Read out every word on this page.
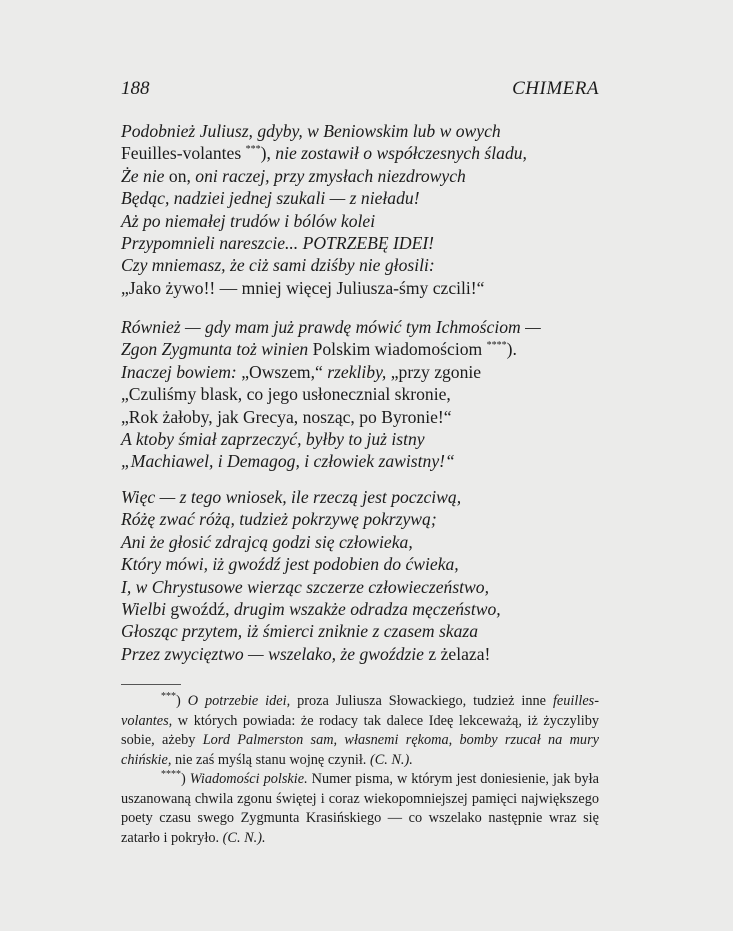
188	CHIMERA
Podobnież Juliusz, gdyby, w Beniowskim lub w owych
Feuilles-volantes ***), nie zostawił o współczesnych śladu,
Że nie on, oni raczej, przy zmysłach niezdrowych
Będąc, nadziei jednej szukali — z nieładu!
Aż po niemałej trudów i bólów kolei
Przypomnieli nareszcie... POTRZEBĘ IDEI!
Czy mniemasz, że ciż sami dziśby nie głosili:
„Jako żywo!! — mniej więcej Juliusza-śmy czcili!“
Również — gdy mam już prawdę mówić tym Ichmościom —
Zgon Zygmunta toż winien Polskim wiadomościom ****).
Inaczej bowiem: „Owszem,“ rzekliby, „przy zgonie
„Czuliśmy blask, co jego usłonecznial skronie,
„Rok żałoby, jak Grecya, nosząc, po Byronie!“
A ktoby śmiał zaprzeczyć, byłby to już istny
„Machiawel, i Demagog, i człowiek zawistny!“
Więc — z tego wniosek, ile rzeczą jest poczciwą,
Różę zwać różą, tudzież pokrzywę pokrzywą;
Ani że głosić zdrajcą godzi się człowieka,
Który mówi, iż gwoźdź jest podobien do ćwieka,
I, w Chrystusowe wierząc szczerze człowieczeństwo,
Wielbi gwoźdź, drugim wszakże odradza męczeństwo,
Głosząc przytem, iż śmierci zniknie z czasem skaza
Przez zwycięztwo — wszelako, że gwoździe z żelaza!

***) O potrzebie idei, proza Juliusza Słowackiego, tudzież inne feuilles-volantes, w których powiada: że rodacy tak dalece Ideę lekceważą, iż życzyliby sobie, ażeby Lord Palmerston sam, własnemi rękoma, bomby rzucał na mury chińskie, nie zaś myślą stanu wojnę czynił. (C. N.).

****) Wiadomości polskie. Numer pisma, w którym jest doniesienie, jak była uszanowaną chwila zgonu świętej i coraz wiekopomniejszej pamięci największego poety czasu swego Zygmunta Krasińskiego — co wszelako następnie wraz się zatarło i pokryło. (C. N.).
